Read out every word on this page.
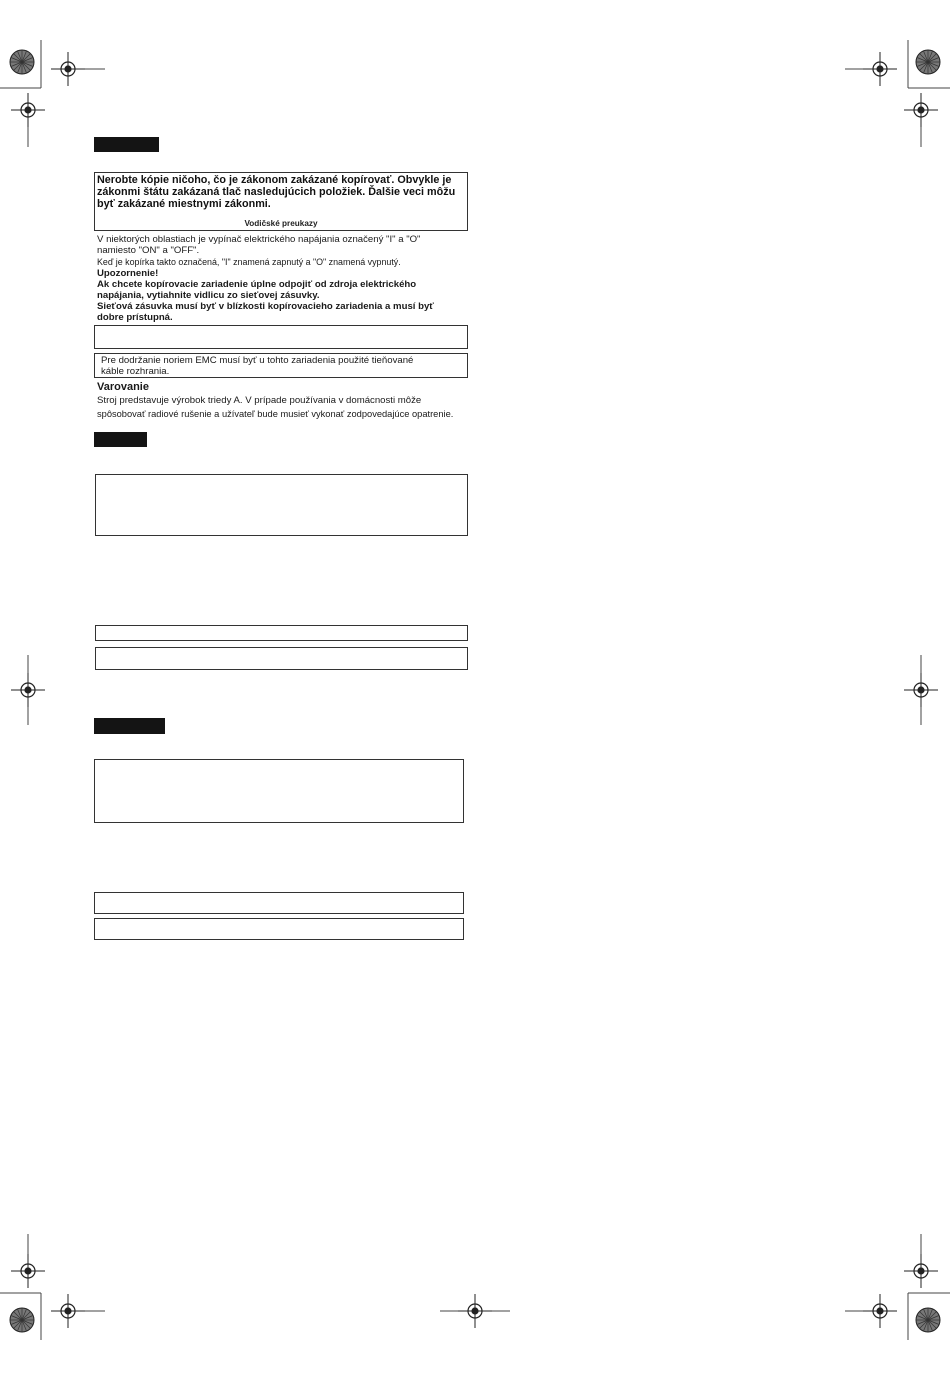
Nerobte kópie ničoho, čo je zákonom zakázané kopírovať. Obvykle je
zákonmi štátu zakázaná tlač nasledujúcich položiek. Ďalšie veci môžu
byť zakázané miestnymi zákonmi.
Vodičské preukazy
V niektorých oblastiach je vypínač elektrického napájania označený "I" a "O"
namiesto "ON" a "OFF".
Keď je kopírka takto označená, "I" znamená zapnutý a "O" znamená vypnutý.
Upozornenie!
Ak chcete kopírovacie zariadenie úplne odpojiť od zdroja elektrického
napájania, vytiahnite vidlicu zo sieťovej zásuvky.
Sieťová zásuvka musí byť v blízkosti kopírovacieho zariadenia a musí byť
dobre prístupná.
Pre dodržanie noriem EMC musí byť u tohto zariadenia použité tieňované
káble rozhrania.
Varovanie
Stroj predstavuje výrobok triedy A. V prípade používania v domácnosti môže
spôsobovať radiové rušenie a užívateľ bude musieť vykonať zodpovedajúce opatrenie.
